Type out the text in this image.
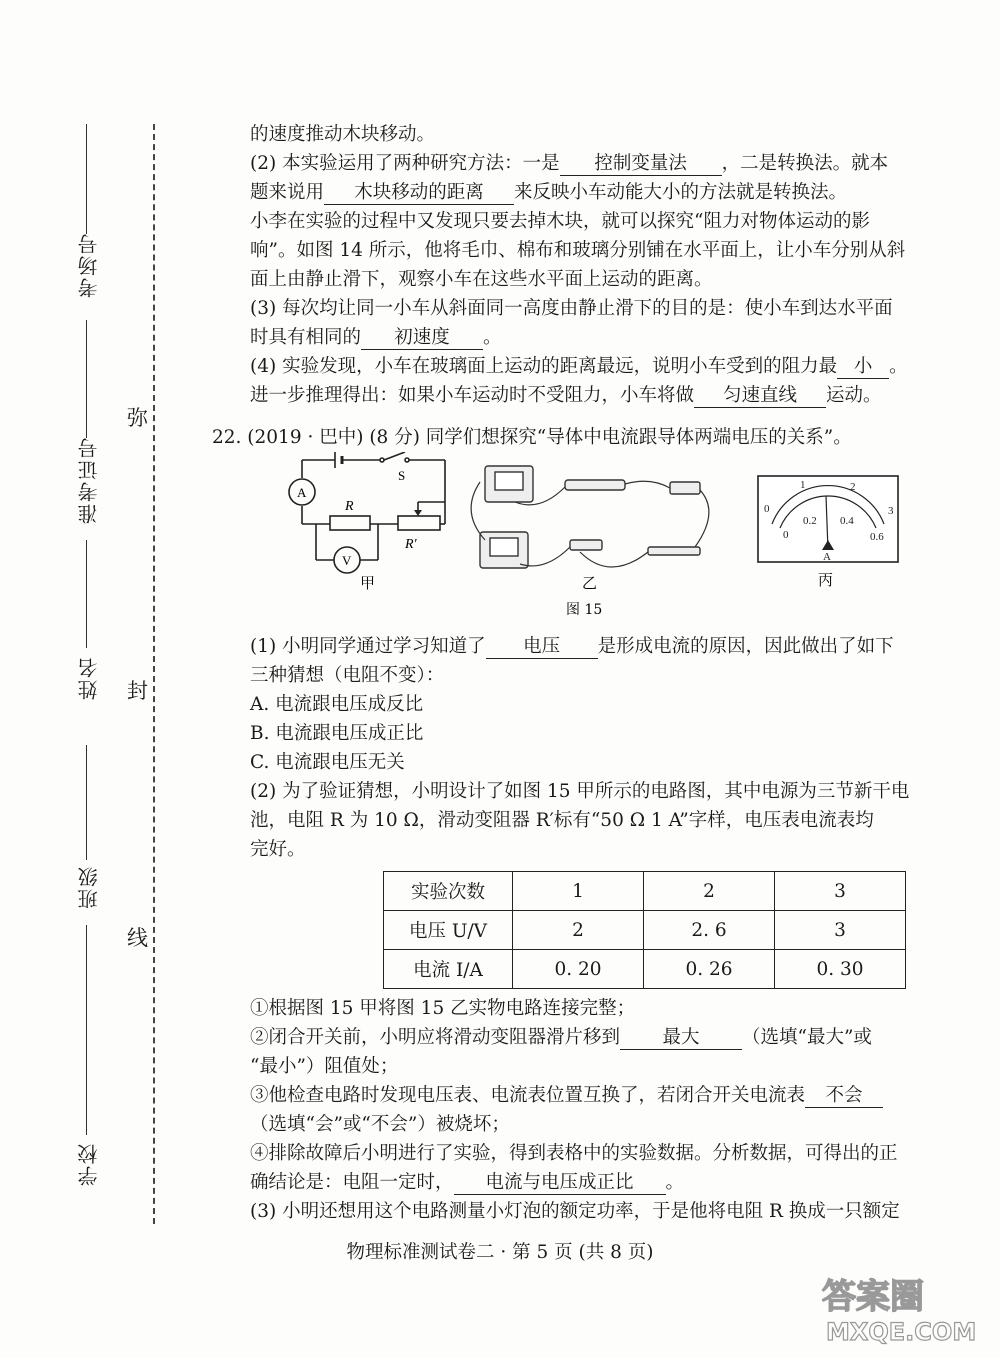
考场号
准考证号
姓名
班级
学校
弥
封
线
的速度推动木块移动。
(2) 本实验运用了两种研究方法：一是 控制变量法 ，二是转换法。就本
题来说用 木块移动的距离 来反映小车动能大小的方法就是转换法。
小李在实验的过程中又发现只要去掉木块，就可以探究“阻力对物体运动的影
响”。如图 14 所示，他将毛巾、棉布和玻璃分别铺在水平面上，让小车分别从斜
面上由静止滑下，观察小车在这些水平面上运动的距离。
(3) 每次均让同一小车从斜面同一高度由静止滑下的目的是：使小车到达水平面
时具有相同的 初速度 。
(4) 实验发现，小车在玻璃面上运动的距离最远，说明小车受到的阻力最 小 。
进一步推理得出：如果小车运动时不受阻力，小车将做 匀速直线 运动。
22. (2019 · 巴中) (8 分) 同学们想探究“导体中电流跟导体两端电压的关系”。
A
V
S
R
R′
甲	乙
0
1	2
3
0.2 0.4
0.6
0
A
丙
图 15
(1) 小明同学通过学习知道了 电压 是形成电流的原因，因此做出了如下
三种猜想（电阻不变）：
A. 电流跟电压成反比
B. 电流跟电压成正比
C. 电流跟电压无关
(2) 为了验证猜想，小明设计了如图 15 甲所示的电路图，其中电源为三节新干电
池，电阻 R 为 10 Ω，滑动变阻器 R′标有“50 Ω 1 A”字样，电压表电流表均
完好。
实验次数	1	2	3
电压 U/V	2	2. 6	3
电流 I/A	0. 20	0. 26	0. 30
①根据图 15 甲将图 15 乙实物电路连接完整；
②闭合开关前，小明应将滑动变阻器滑片移到 最大 （选填“最大”或
“最小”）阻值处；
③他检查电路时发现电压表、电流表位置互换了，若闭合开关电流表 不会
（选填“会”或“不会”）被烧坏；
④排除故障后小明进行了实验，得到表格中的实验数据。分析数据，可得出的正
确结论是：电阻一定时， 电流与电压成正比 。
(3) 小明还想用这个电路测量小灯泡的额定功率，于是他将电阻 R 换成一只额定
物理标准测试卷二 · 第 5 页 (共 8 页)
答案圈
MXQE.COM
